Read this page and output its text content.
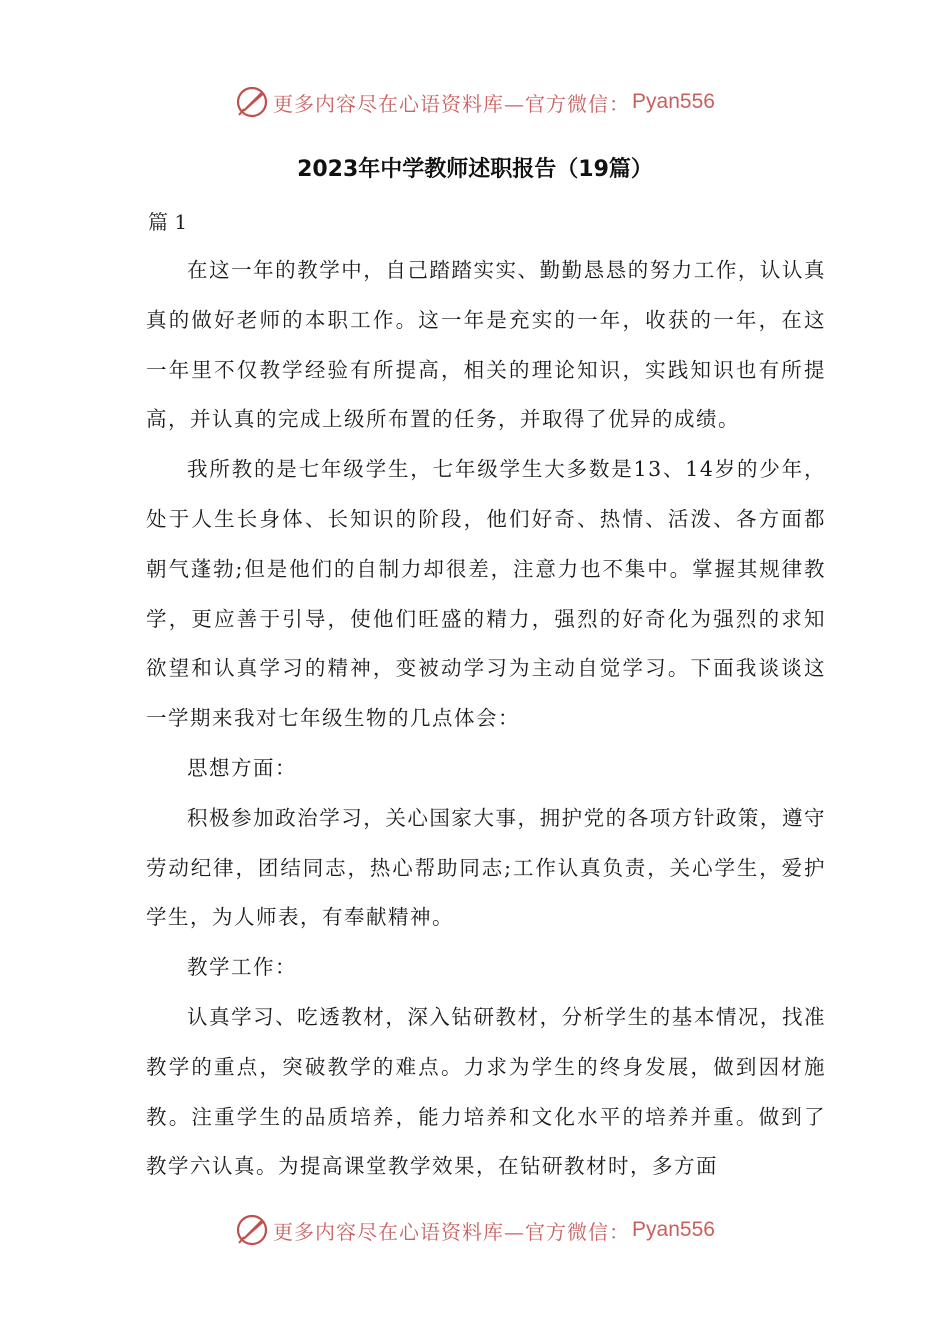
更多内容尽在心语资料库—官方微信： Pyan556
2023年中学教师述职报告（19篇）
篇 1

在这一年的教学中，自己踏踏实实、勤勤恳恳的努力工作，认认真真的做好老师的本职工作。这一年是充实的一年，收获的一年，在这一年里不仅教学经验有所提高，相关的理论知识，实践知识也有所提高，并认真的完成上级所布置的任务，并取得了优异的成绩。

我所教的是七年级学生，七年级学生大多数是13、14岁的少年，处于人生长身体、长知识的阶段，他们好奇、热情、活泼、各方面都朝气蓬勃;但是他们的自制力却很差，注意力也不集中。掌握其规律教学，更应善于引导，使他们旺盛的精力，强烈的好奇化为强烈的求知欲望和认真学习的精神，变被动学习为主动自觉学习。下面我谈谈这一学期来我对七年级生物的几点体会：

思想方面：

积极参加政治学习，关心国家大事，拥护党的各项方针政策，遵守劳动纪律，团结同志，热心帮助同志;工作认真负责，关心学生，爱护学生，为人师表，有奉献精神。

教学工作：

认真学习、吃透教材，深入钻研教材，分析学生的基本情况，找准教学的重点，突破教学的难点。力求为学生的终身发展，做到因材施教。注重学生的品质培养，能力培养和文化水平的培养并重。做到了教学六认真。为提高课堂教学效果，在钻研教材时，多方面

更多内容尽在心语资料库—官方微信： Pyan556
